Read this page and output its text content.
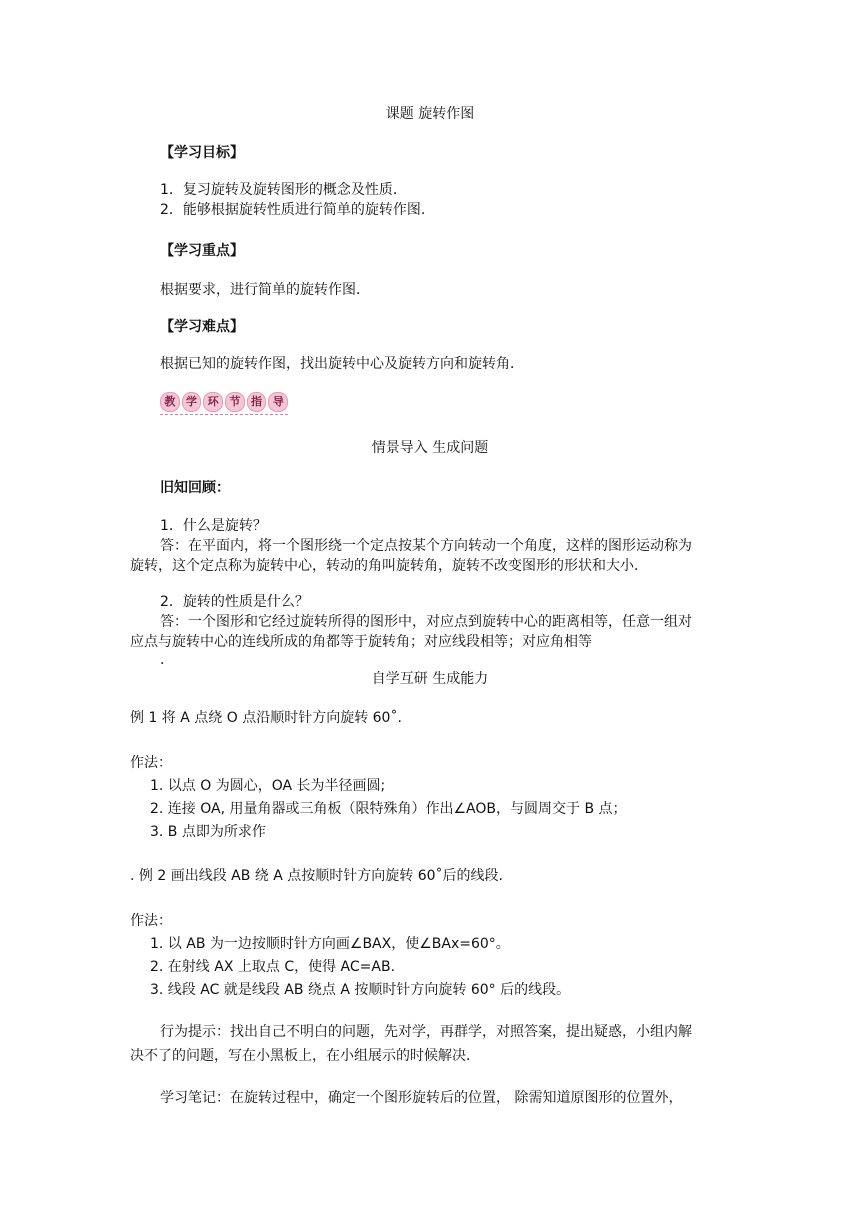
课题 旋转作图

【学习目标】

1．复习旋转及旋转图形的概念及性质．

2．能够根据旋转性质进行简单的旋转作图．

【学习重点】

根据要求，进行简单的旋转作图．

【学习难点】

根据已知的旋转作图，找出旋转中心及旋转方向和旋转角．

教 学 环 节 指 导

情景导入 生成问题

旧知回顾：

1．什么是旋转？

答：在平面内，将一个图形绕一个定点按某个方向转动一个角度，这样的图形运动称为

旋转，这个定点称为旋转中心，转动的角叫旋转角，旋转不改变图形的形状和大小．

2．旋转的性质是什么？

答：一个图形和它经过旋转所得的图形中，对应点到旋转中心的距离相等，任意一组对

应点与旋转中心的连线所成的角都等于旋转角；对应线段相等；对应角相等

.

自学互研 生成能力

例 1 将 A 点绕 O 点沿顺时针方向旋转 60˚.

作法：

1. 以点 O 为圆心，OA 长为半径画圆;

2. 连接 OA, 用量角器或三角板（限特殊角）作出∠AOB，与圆周交于 B 点；

3. B 点即为所求作

. 例 2 画出线段 AB 绕 A 点按顺时针方向旋转 60˚后的线段.

作法：

1. 以 AB 为一边按顺时针方向画∠BAX，使∠BAx=60°。

2. 在射线 AX 上取点 C，使得 AC=AB.

3. 线段 AC 就是线段 AB 绕点 A 按顺时针方向旋转 60° 后的线段。

行为提示：找出自己不明白的问题，先对学，再群学，对照答案，提出疑惑，小组内解

决不了的问题，写在小黑板上，在小组展示的时候解决．

学习笔记：在旋转过程中，确定一个图形旋转后的位置， 除需知道原图形的位置外，
